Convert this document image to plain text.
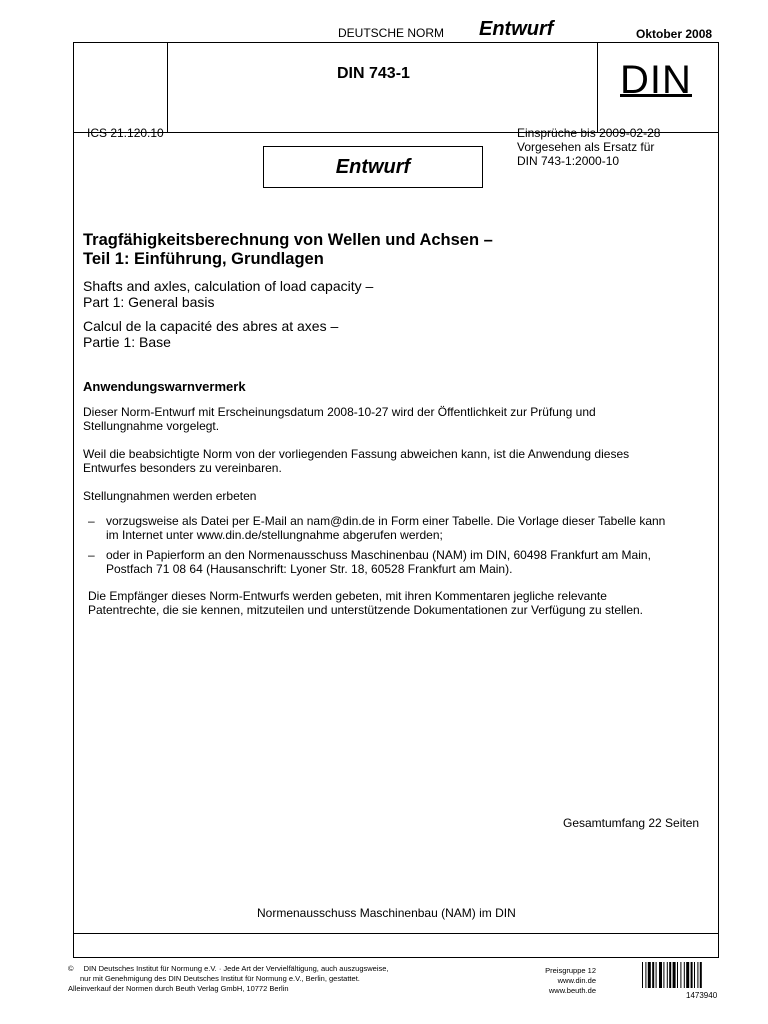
DEUTSCHE NORM Entwurf	Oktober 2008
DIN 743-1	DIN
ICS 21.120.10	Einsprüche bis 2009-02-28
Vorgesehen als Ersatz für
DIN 743-1:2000-10
Entwurf
Tragfähigkeitsberechnung von Wellen und Achsen –
Teil 1: Einführung, Grundlagen
Shafts and axles, calculation of load capacity –
Part 1: General basis
Calcul de la capacité des abres at axes –
Partie 1: Base
Anwendungswarnvermerk
Dieser Norm-Entwurf mit Erscheinungsdatum 2008-10-27 wird der Öffentlichkeit zur Prüfung und
Stellungnahme vorgelegt.
Weil die beabsichtigte Norm von der vorliegenden Fassung abweichen kann, ist die Anwendung dieses
Entwurfes besonders zu vereinbaren.
Stellungnahmen werden erbeten
– vorzugsweise als Datei per E-Mail an nam@din.de in Form einer Tabelle. Die Vorlage dieser Tabelle kann
im Internet unter www.din.de/stellungnahme abgerufen werden;
– oder in Papierform an den Normenausschuss Maschinenbau (NAM) im DIN, 60498 Frankfurt am Main,
Postfach 71 08 64 (Hausanschrift: Lyoner Str. 18, 60528 Frankfurt am Main).
Die Empfänger dieses Norm-Entwurfs werden gebeten, mit ihren Kommentaren jegliche relevante
Patentrechte, die sie kennen, mitzuteilen und unterstützende Dokumentationen zur Verfügung zu stellen.
Gesamtumfang 22 Seiten
Normenausschuss Maschinenbau (NAM) im DIN
© DIN Deutsches Institut für Normung e.V. · Jede Art der Vervielfältigung, auch auszugsweise,
nur mit Genehmigung des DIN Deutsches Institut für Normung e.V., Berlin, gestattet.
Alleinverkauf der Normen durch Beuth Verlag GmbH, 10772 Berlin
Preisgruppe 12
www.din.de
www.beuth.de
1473940
